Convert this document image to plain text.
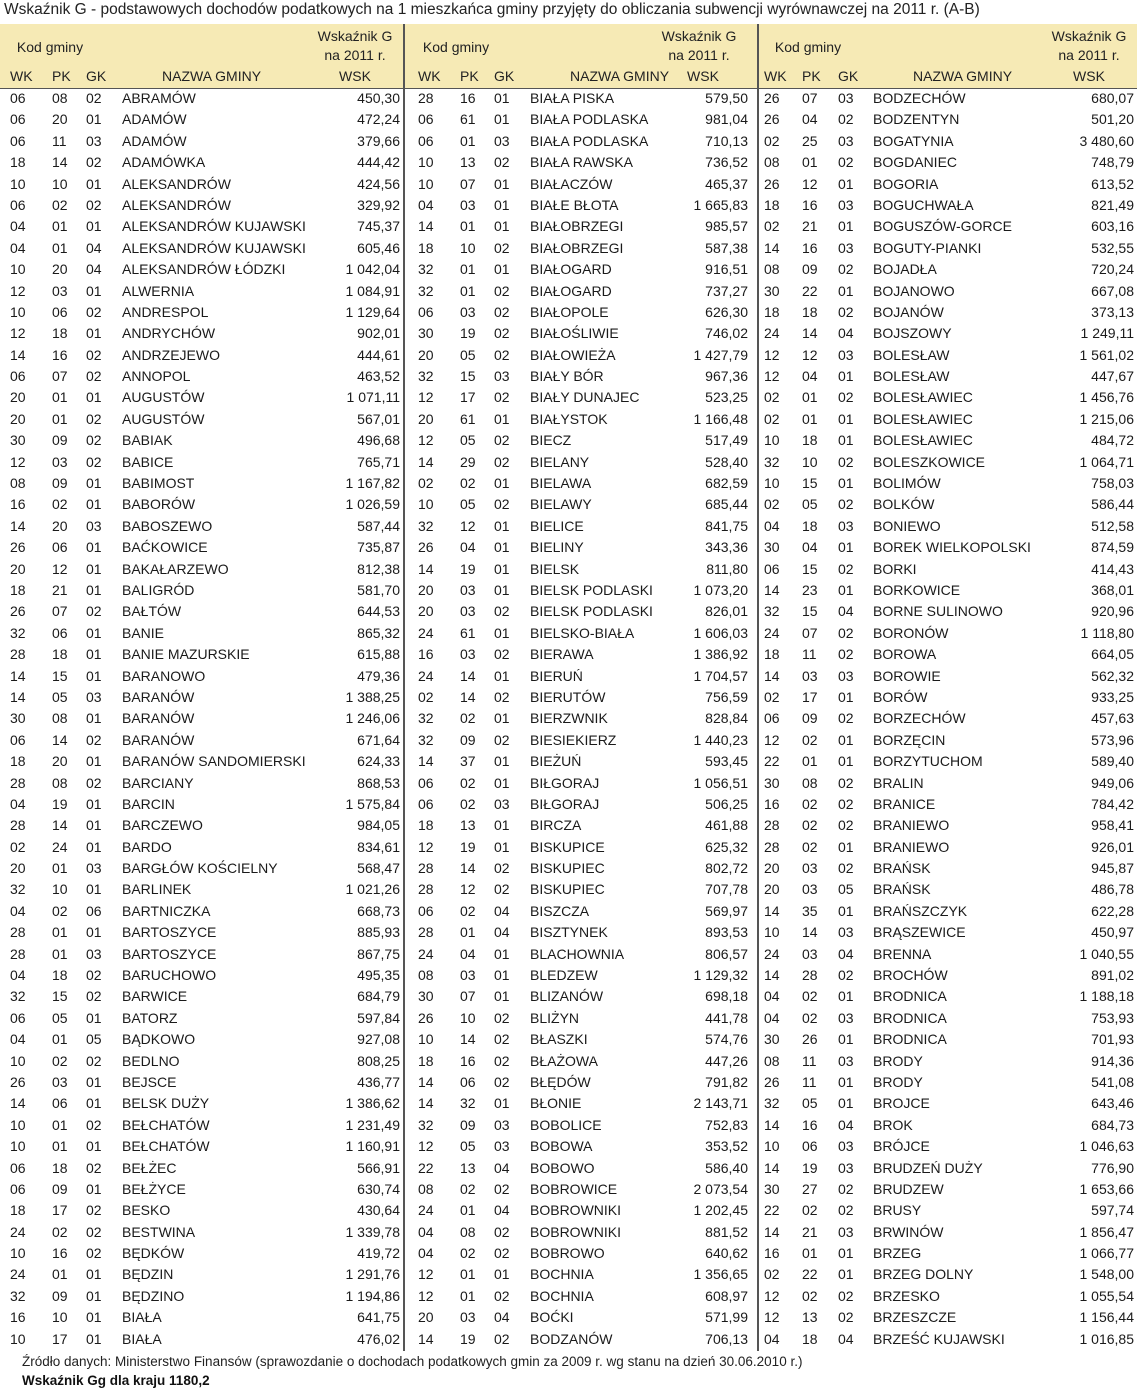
Wskaźnik G - podstawowych dochodów podatkowych na 1 mieszkańca gminy przyjęty do obliczania subwencji wyrównawczej na 2011 r. (A-B)
Kod gminy
Wskaźnik G
na 2011 r.
WK PK GK	NAZWA GMINY	WSK
Kod gminy
Wskaźnik G
na 2011 r.
WK PK GK	NAZWA GMINY	WSK
Kod gminy
Wskaźnik G
na 2011 r.
WK PK GK	NAZWA GMINY	WSK
06 08 02 ABRAMÓW	450,30 28 16 01 BIAŁA PISKA	579,50 26 07 03 BODZECHÓW	680,07
06 20 01 ADAMÓW	472,24 06 61 01 BIAŁA PODLASKA	981,04 26 04 02 BODZENTYN	501,20
06 11 03 ADAMÓW	379,66 06 01 03 BIAŁA PODLASKA	710,13 02 25 03 BOGATYNIA	3 480,60
18 14 02 ADAMÓWKA	444,42 10 13 02 BIAŁA RAWSKA	736,52 08 01 02 BOGDANIEC	748,79
10 10 01 ALEKSANDRÓW	424,56 10 07 01 BIAŁACZÓW	465,37 26 12 01 BOGORIA	613,52
06 02 02 ALEKSANDRÓW	329,92 04 03 01 BIAŁE BŁOTA	1 665,83 18 16 03 BOGUCHWAŁA	821,49
04 01 01 ALEKSANDRÓW KUJAWSKI	745,37 14 01 01 BIAŁOBRZEGI	985,57 02 21 01 BOGUSZÓW-GORCE	603,16
04 01 04 ALEKSANDRÓW KUJAWSKI	605,46 18 10 02 BIAŁOBRZEGI	587,38 14 16 03 BOGUTY-PIANKI	532,55
10 20 04 ALEKSANDRÓW ŁÓDZKI	1 042,04 32 01 01 BIAŁOGARD	916,51 08 09 02 BOJADŁA	720,24
12 03 01 ALWERNIA	1 084,91 32 01 02 BIAŁOGARD	737,27 30 22 01 BOJANOWO	667,08
10 06 02 ANDRESPOL	1 129,64 06 03 02 BIAŁOPOLE	626,30 18 18 02 BOJANÓW	373,13
12 18 01 ANDRYCHÓW	902,01 30 19 02 BIAŁOŚLIWIE	746,02 24 14 04 BOJSZOWY	1 249,11
14 16 02 ANDRZEJEWO	444,61 20 05 02 BIAŁOWIEŻA	1 427,79 12 12 03 BOLESŁAW	1 561,02
06 07 02 ANNOPOL	463,52 32 15 03 BIAŁY BÓR	967,36 12 04 01 BOLESŁAW	447,67
20 01 01 AUGUSTÓW	1 071,11 12 17 02 BIAŁY DUNAJEC	523,25 02 01 02 BOLESŁAWIEC	1 456,76
20 01 02 AUGUSTÓW	567,01 20 61 01 BIAŁYSTOK	1 166,48 02 01 01 BOLESŁAWIEC	1 215,06
30 09 02 BABIAK	496,68 12 05 02 BIECZ	517,49 10 18 01 BOLESŁAWIEC	484,72
12 03 02 BABICE	765,71 14 29 02 BIELANY	528,40 32 10 02 BOLESZKOWICE	1 064,71
08 09 01 BABIMOST	1 167,82 02 02 01 BIELAWA	682,59 10 15 01 BOLIMÓW	758,03
16 02 01 BABORÓW	1 026,59 10 05 02 BIELAWY	685,44 02 05 02 BOLKÓW	586,44
14 20 03 BABOSZEWO	587,44 32 12 01 BIELICE	841,75 04 18 03 BONIEWO	512,58
26 06 01 BAĆKOWICE	735,87 26 04 01 BIELINY	343,36 30 04 01 BOREK WIELKOPOLSKI	874,59
20 12 01 BAKAŁARZEWO	812,38 14 19 01 BIELSK	811,80 06 15 02 BORKI	414,43
18 21 01 BALIGRÓD	581,70 20 03 01 BIELSK PODLASKI	1 073,20 14 23 01 BORKOWICE	368,01
26 07 02 BAŁTÓW	644,53 20 03 02 BIELSK PODLASKI	826,01 32 15 04 BORNE SULINOWO	920,96
32 06 01 BANIE	865,32 24 61 01 BIELSKO-BIAŁA	1 606,03 24 07 02 BORONÓW	1 118,80
28 18 01 BANIE MAZURSKIE	615,88 16 03 02 BIERAWA	1 386,92 18 11 02 BOROWA	664,05
14 15 01 BARANOWO	479,36 24 14 01 BIERUŃ	1 704,57 14 03 03 BOROWIE	562,32
14 05 03 BARANÓW	1 388,25 02 14 02 BIERUTÓW	756,59 02 17 01 BORÓW	933,25
30 08 01 BARANÓW	1 246,06 32 02 01 BIERZWNIK	828,84 06 09 02 BORZECHÓW	457,63
06 14 02 BARANÓW	671,64 32 09 02 BIESIEKIERZ	1 440,23 12 02 01 BORZĘCIN	573,96
18 20 01 BARANÓW SANDOMIERSKI	624,33 14 37 01 BIEŻUŃ	593,45 22 01 01 BORZYTUCHOM	589,40
28 08 02 BARCIANY	868,53 06 02 01 BIŁGORAJ	1 056,51 30 08 02 BRALIN	949,06
04 19 01 BARCIN	1 575,84 06 02 03 BIŁGORAJ	506,25 16 02 02 BRANICE	784,42
28 14 01 BARCZEWO	984,05 18 13 01 BIRCZA	461,88 28 02 02 BRANIEWO	958,41
02 24 01 BARDO	834,61 12 19 01 BISKUPICE	625,32 28 02 01 BRANIEWO	926,01
20 01 03 BARGŁÓW KOŚCIELNY	568,47 28 14 02 BISKUPIEC	802,72 20 03 02 BRAŃSK	945,87
32 10 01 BARLINEK	1 021,26 28 12 02 BISKUPIEC	707,78 20 03 05 BRAŃSK	486,78
04 02 06 BARTNICZKA	668,73 06 02 04 BISZCZA	569,97 14 35 01 BRAŃSZCZYK	622,28
28 01 01 BARTOSZYCE	885,93 28 01 04 BISZTYNEK	893,53 10 14 03 BRĄSZEWICE	450,97
28 01 03 BARTOSZYCE	867,75 24 04 01 BLACHOWNIA	806,57 24 03 04 BRENNA	1 040,55
04 18 02 BARUCHOWO	495,35 08 03 01 BLEDZEW	1 129,32 14 28 02 BROCHÓW	891,02
32 15 02 BARWICE	684,79 30 07 01 BLIZANÓW	698,18 04 02 01 BRODNICA	1 188,18
06 05 01 BATORZ	597,84 26 10 02 BLIŻYN	441,78 04 02 03 BRODNICA	753,93
04 01 05 BĄDKOWO	927,08 10 14 02 BŁASZKI	574,76 30 26 01 BRODNICA	701,93
10 02 02 BEDLNO	808,25 18 16 02 BŁAŻOWA	447,26 08 11 03 BRODY	914,36
26 03 01 BEJSCE	436,77 14 06 02 BŁĘDÓW	791,82 26 11 01 BRODY	541,08
14 06 01 BELSK DUŻY	1 386,62 14 32 01 BŁONIE	2 143,71 32 05 01 BROJCE	643,46
10 01 02 BEŁCHATÓW	1 231,49 32 09 03 BOBOLICE	752,83 14 16 04 BROK	684,73
10 01 01 BEŁCHATÓW	1 160,91 12 05 03 BOBOWA	353,52 10 06 03 BRÓJCE	1 046,63
06 18 02 BEŁŻEC	566,91 22 13 04 BOBOWO	586,40 14 19 03 BRUDZEŃ DUŻY	776,90
06 09 01 BEŁŻYCE	630,74 08 02 02 BOBROWICE	2 073,54 30 27 02 BRUDZEW	1 653,66
18 17 02 BESKO	430,64 24 01 04 BOBROWNIKI	1 202,45 22 02 02 BRUSY	597,74
24 02 02 BESTWINA	1 339,78 04 08 02 BOBROWNIKI	881,52 14 21 03 BRWINÓW	1 856,47
10 16 02 BĘDKÓW	419,72 04 02 02 BOBROWO	640,62 16 01 01 BRZEG	1 066,77
24 01 01 BĘDZIN	1 291,76 12 01 01 BOCHNIA	1 356,65 02 22 01 BRZEG DOLNY	1 548,00
32 09 01 BĘDZINO	1 194,86 12 01 02 BOCHNIA	608,97 12 02 02 BRZESKO	1 055,54
16 10 01 BIAŁA	641,75 20 03 04 BOĆKI	571,99 12 13 02 BRZESZCZE	1 156,44
10 17 01 BIAŁA	476,02 14 19 02 BODZANÓW	706,13 04 18 04 BRZEŚĆ KUJAWSKI	1 016,85
Źródło danych: Ministerstwo Finansów (sprawozdanie o dochodach podatkowych gmin za 2009 r. wg stanu na dzień 30.06.2010 r.)
Wskaźnik Gg dla kraju 1180,2
